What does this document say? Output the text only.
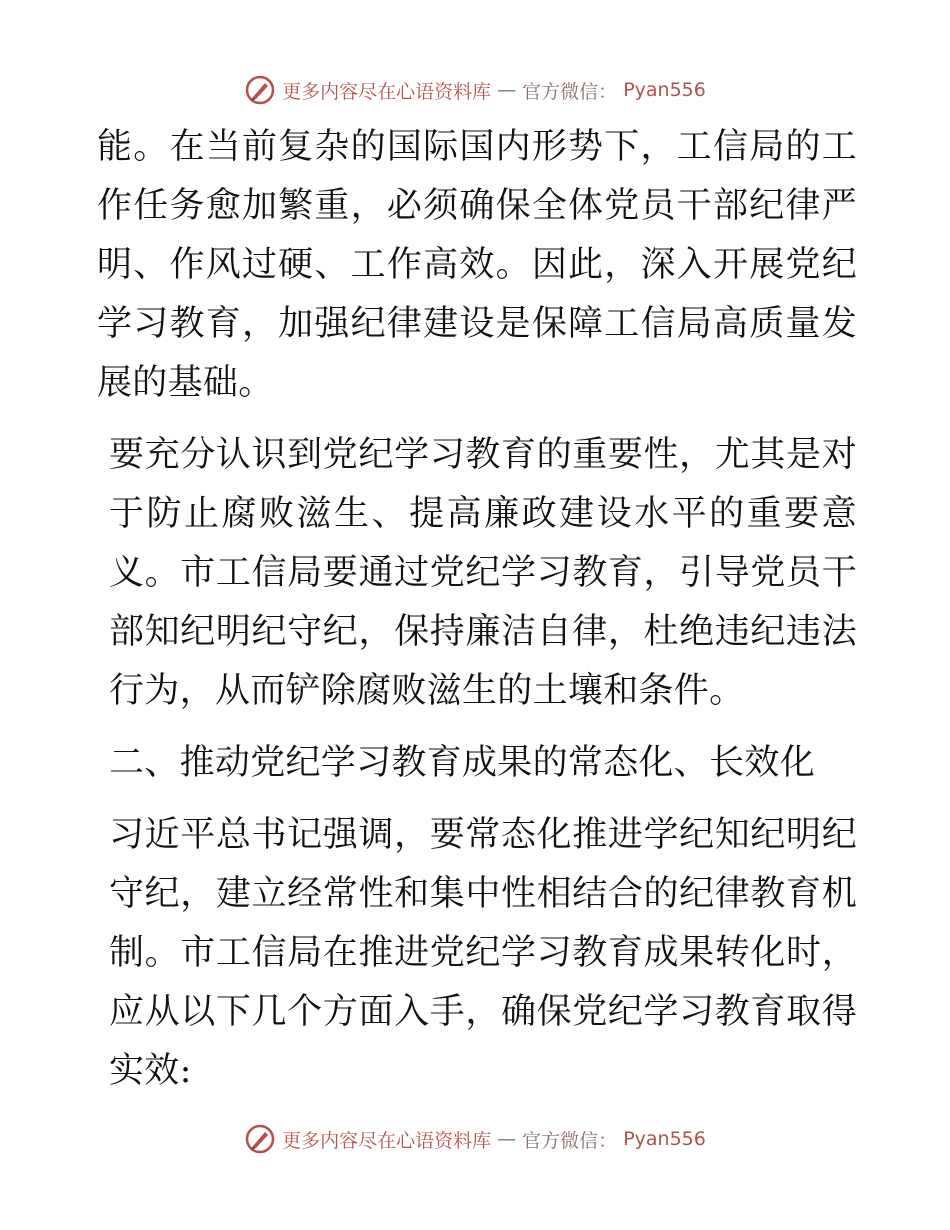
更多内容尽在心语资料库 — 官方微信： Pyan556

能。在当前复杂的国际国内形势下，工信局的工作任务愈加繁重，必须确保全体党员干部纪律严明、作风过硬、工作高效。因此，深入开展党纪学习教育，加强纪律建设是保障工信局高质量发展的基础。

要充分认识到党纪学习教育的重要性，尤其是对于防止腐败滋生、提高廉政建设水平的重要意义。市工信局要通过党纪学习教育，引导党员干部知纪明纪守纪，保持廉洁自律，杜绝违纪违法行为，从而铲除腐败滋生的土壤和条件。

二、推动党纪学习教育成果的常态化、长效化

习近平总书记强调，要常态化推进学纪知纪明纪守纪，建立经常性和集中性相结合的纪律教育机制。市工信局在推进党纪学习教育成果转化时，应从以下几个方面入手，确保党纪学习教育取得实效:

更多内容尽在心语资料库 — 官方微信： Pyan556
